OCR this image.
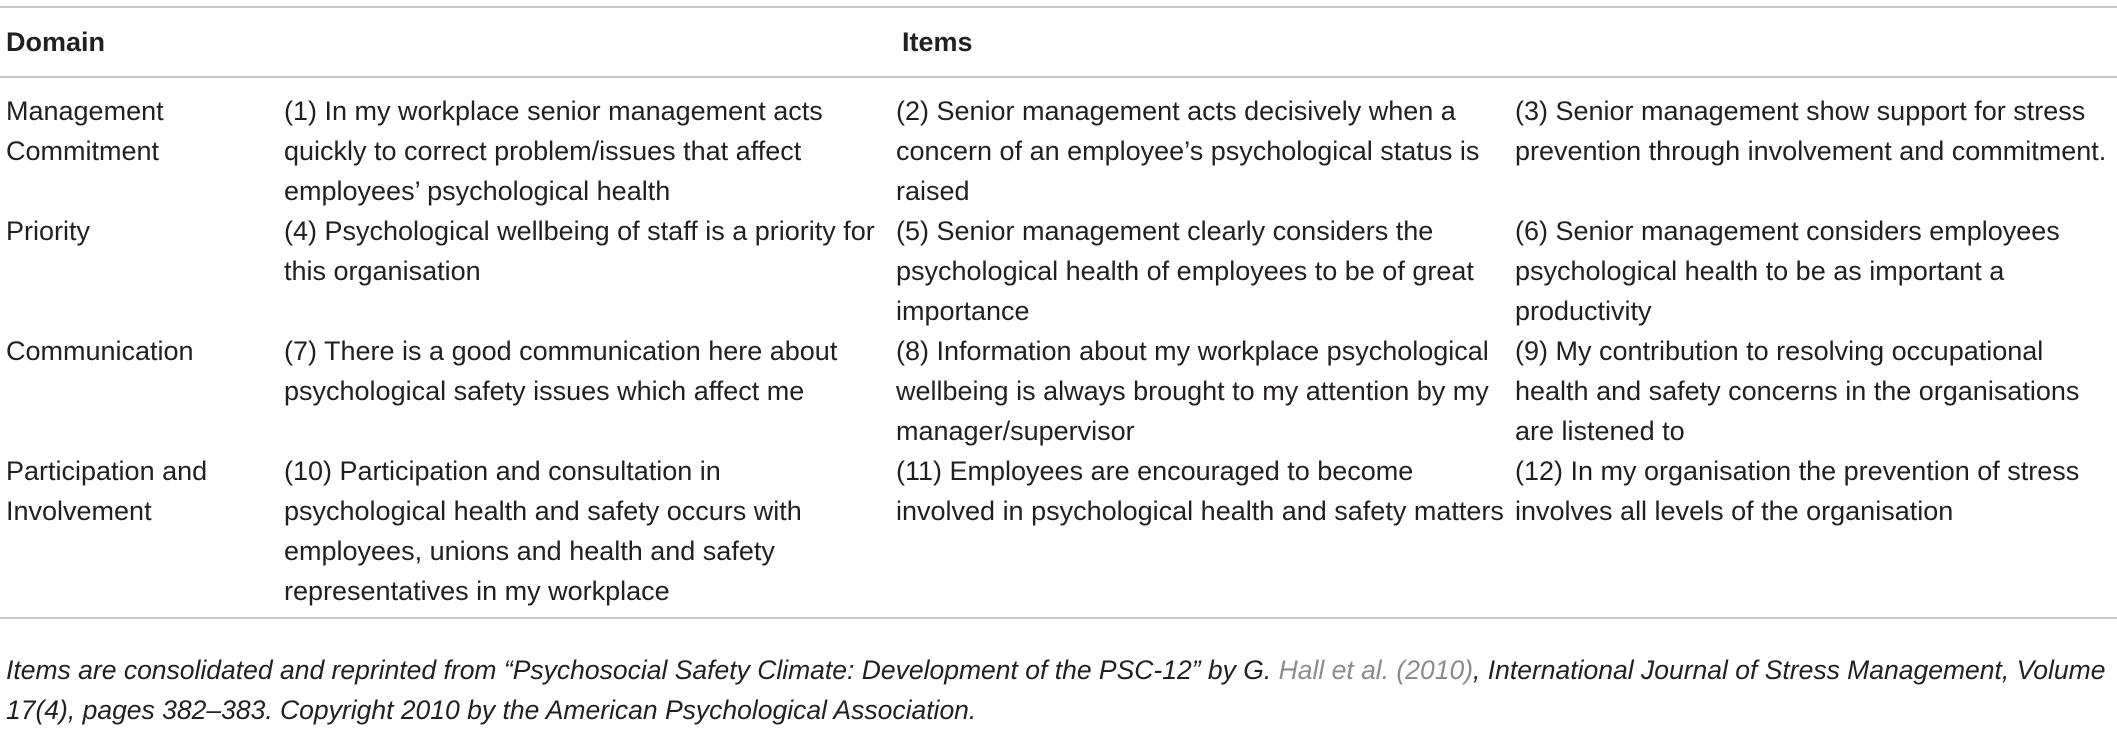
Domain		Items	
Management Commitment	(1) In my workplace senior management acts quickly to correct problem/issues that affect employees’ psychological health	(2) Senior management acts decisively when a concern of an employee’s psychological status is raised	(3) Senior management show support for stress prevention through involvement and commitment.
Priority	(4) Psychological wellbeing of staff is a priority for this organisation	(5) Senior management clearly considers the psychological health of employees to be of great importance	(6) Senior management considers employees psychological health to be as important a productivity
Communication	(7) There is a good communication here about psychological safety issues which affect me	(8) Information about my workplace psychological wellbeing is always brought to my attention by my manager/supervisor	(9) My contribution to resolving occupational health and safety concerns in the organisations are listened to
Participation and Involvement	(10) Participation and consultation in psychological health and safety occurs with employees, unions and health and safety representatives in my workplace	(11) Employees are encouraged to become involved in psychological health and safety matters	(12) In my organisation the prevention of stress involves all levels of the organisation
Items are consolidated and reprinted from “Psychosocial Safety Climate: Development of the PSC-12” by G. Hall et al. (2010), International Journal of Stress Management, Volume 17(4), pages 382–383. Copyright 2010 by the American Psychological Association.
